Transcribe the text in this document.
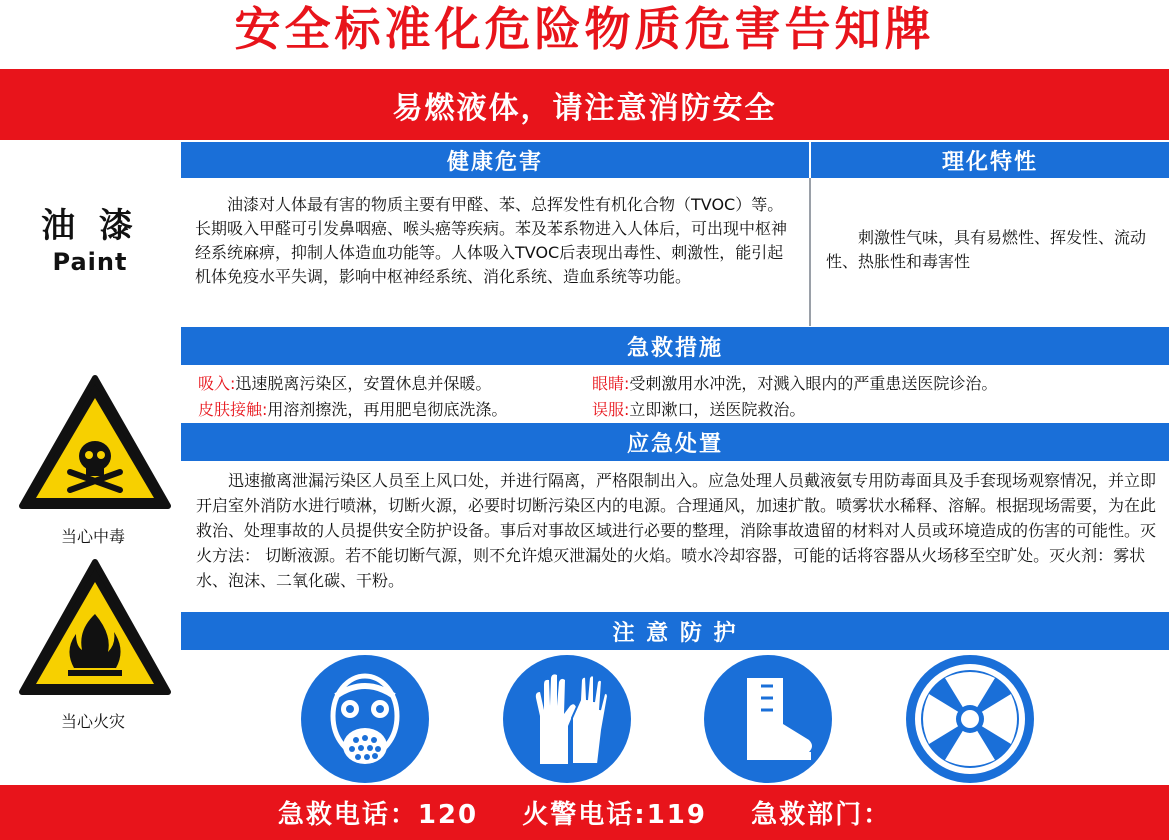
安全标准化危险物质危害告知牌
易燃液体，请注意消防安全
油 漆
Paint
健康危害	理化特性
油漆对人体最有害的物质主要有甲醛、苯、总挥发性有机化合物（TVOC）等。长期吸入甲醛可引发鼻咽癌、喉头癌等疾病。苯及苯系物进入人体后，可出现中枢神经系统麻痹，抑制人体造血功能等。人体吸入TVOC后表现出毒性、刺激性，能引起机体免疫水平失调，影响中枢神经系统、消化系统、造血系统等功能。
刺激性气味，具有易燃性、挥发性、流动性、热胀性和毒害性
急救措施
吸入:迅速脱离污染区，安置休息并保暖。	眼睛:受刺激用水冲洗，对溅入眼内的严重患送医院诊治。
皮肤接触:用溶剂擦洗，再用肥皂彻底洗涤。	误服:立即漱口，送医院救治。
应急处置
迅速撤离泄漏污染区人员至上风口处，并进行隔离，严格限制出入。应急处理人员戴液氨专用防毒面具及手套现场观察情况，并立即开启室外消防水进行喷淋，切断火源，必要时切断污染区内的电源。合理通风，加速扩散。喷雾状水稀释、溶解。根据现场需要，为在此救治、处理事故的人员提供安全防护设备。事后对事故区域进行必要的整理，消除事故遗留的材料对人员或环境造成的伤害的可能性。灭火方法： 切断液源。若不能切断气源，则不允许熄灭泄漏处的火焰。喷水冷却容器，可能的话将容器从火场移至空旷处。灭火剂：雾状水、泡沫、二氧化碳、干粉。
注 意 防 护
当心中毒
当心火灾
急救电话：120    火警电话:119    急救部门：
